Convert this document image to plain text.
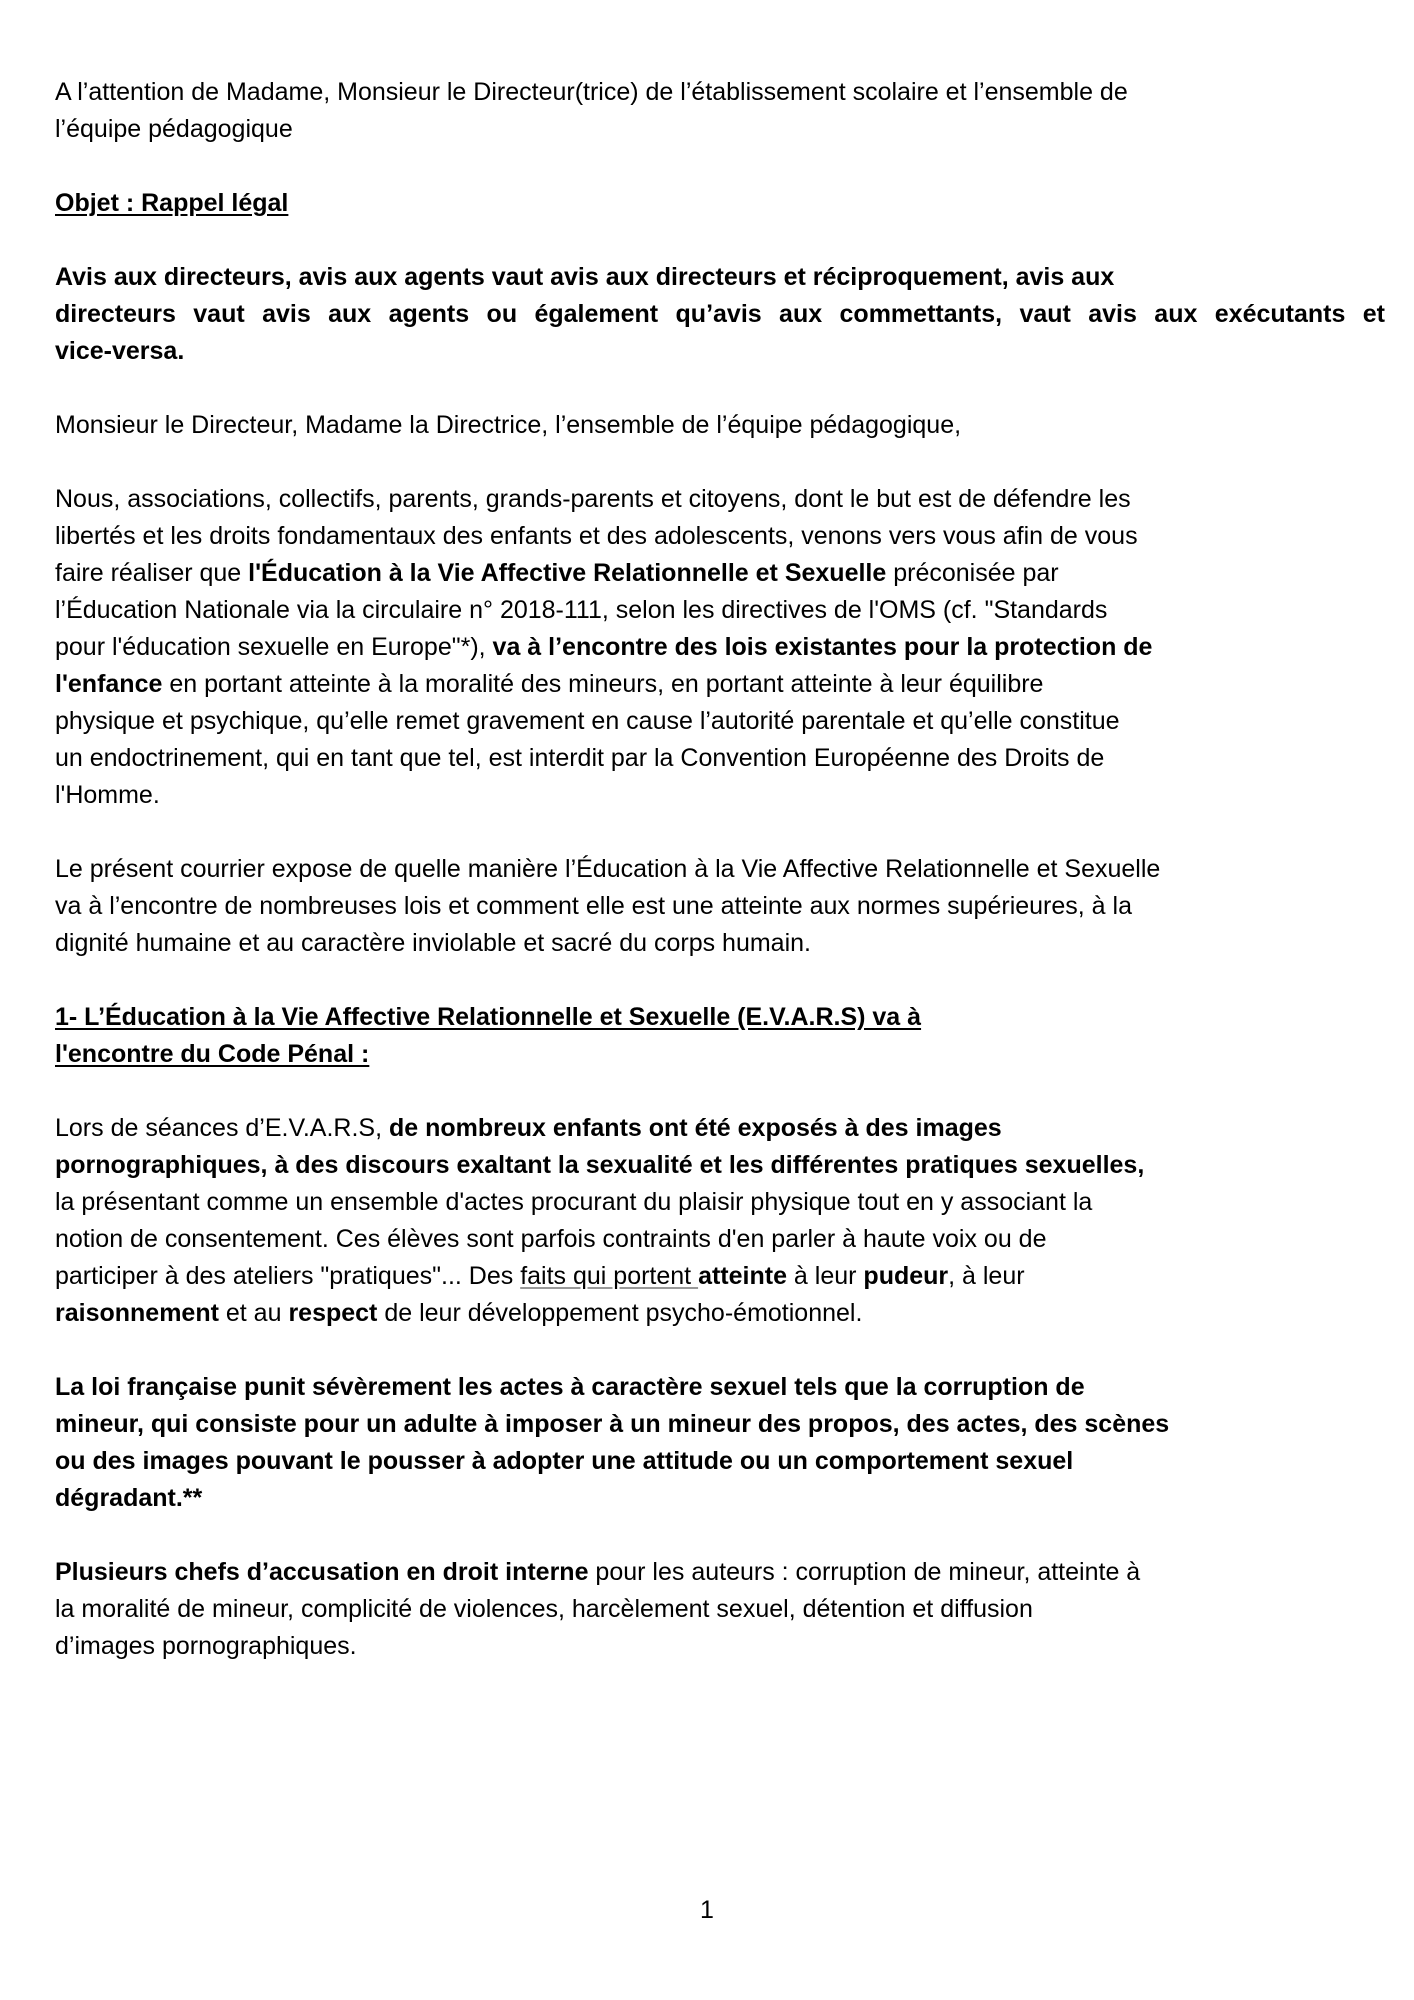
A l’attention de Madame, Monsieur le Directeur(trice) de l’établissement scolaire et l’ensemble de
l’équipe pédagogique
Objet : Rappel légal
Avis aux directeurs, avis aux agents vaut avis aux directeurs et réciproquement, avis aux
directeurs vaut avis aux agents ou également qu’avis aux commettants, vaut avis aux exécutants et
vice-versa.
Monsieur le Directeur, Madame la Directrice, l’ensemble de l’équipe pédagogique,
Nous, associations, collectifs, parents, grands-parents et citoyens, dont le but est de défendre les
libertés et les droits fondamentaux des enfants et des adolescents, venons vers vous afin de vous
faire réaliser que l'Éducation à la Vie Affective Relationnelle et Sexuelle préconisée par
l’Éducation Nationale via la circulaire n° 2018-111, selon les directives de l'OMS (cf. "Standards
pour l'éducation sexuelle en Europe"*), va à l’encontre des lois existantes pour la protection de
l'enfance en portant atteinte à la moralité des mineurs, en portant atteinte à leur équilibre
physique et psychique, qu’elle remet gravement en cause l’autorité parentale et qu’elle constitue
un endoctrinement, qui en tant que tel, est interdit par la Convention Européenne des Droits de
l'Homme.
Le présent courrier expose de quelle manière l’Éducation à la Vie Affective Relationnelle et Sexuelle
va à l’encontre de nombreuses lois et comment elle est une atteinte aux normes supérieures, à la
dignité humaine et au caractère inviolable et sacré du corps humain.
1- L’Éducation à la Vie Affective Relationnelle et Sexuelle (E.V.A.R.S) va à
l'encontre du Code Pénal :
Lors de séances d’E.V.A.R.S, de nombreux enfants ont été exposés à des images
pornographiques, à des discours exaltant la sexualité et les différentes pratiques sexuelles,
la présentant comme un ensemble d'actes procurant du plaisir physique tout en y associant la
notion de consentement. Ces élèves sont parfois contraints d'en parler à haute voix ou de
participer à des ateliers "pratiques"... Des faits qui portent atteinte à leur pudeur, à leur
raisonnement et au respect de leur développement psycho-émotionnel.
La loi française punit sévèrement les actes à caractère sexuel tels que la corruption de
mineur, qui consiste pour un adulte à imposer à un mineur des propos, des actes, des scènes
ou des images pouvant le pousser à adopter une attitude ou un comportement sexuel
dégradant.**
Plusieurs chefs d’accusation en droit interne pour les auteurs : corruption de mineur, atteinte à
la moralité de mineur, complicité de violences, harcèlement sexuel, détention et diffusion
d’images pornographiques.
1
